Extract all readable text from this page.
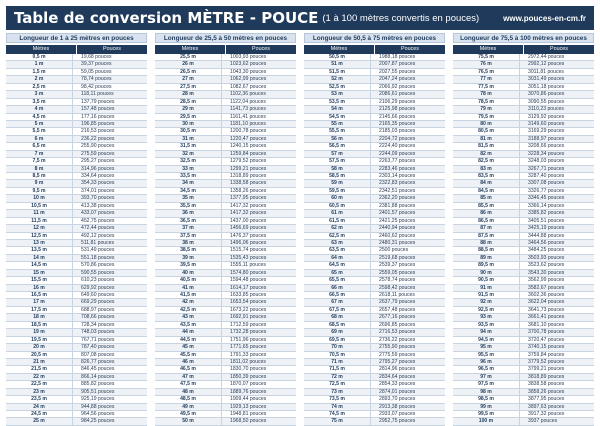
Table de conversion MÈTRE - POUCE (1 à 100 mètres convertis en pouces)	www.pouces-en-cm.fr
Longueur de 1 à 25 mètres en pouces
Mètres	Pouces
0,5 m	19,68 pouces
1 m	39,37 pouces
1,5 m	59,05 pouces
2 m	78,74 pouces
2,5 m	98,42 pouces
3 m	118,11 pouces
3,5 m	137,79 pouces
4 m	157,48 pouces
4,5 m	177,16 pouces
5 m	196,85 pouces
5,5 m	216,53 pouces
6 m	236,22 pouces
6,5 m	255,90 pouces
7 m	275,59 pouces
7,5 m	295,27 pouces
8 m	314,96 pouces
8,5 m	334,64 pouces
9 m	354,33 pouces
9,5 m	374,01 pouces
10 m	393,70 pouces
10,5 m	413,38 pouces
11 m	433,07 pouces
11,5 m	452,75 pouces
12 m	472,44 pouces
12,5 m	492,12 pouces
13 m	511,81 pouces
13,5 m	531,49 pouces
14 m	551,18 pouces
14,5 m	570,86 pouces
15 m	590,55 pouces
15,5 m	610,23 pouces
16 m	629,92 pouces
16,5 m	649,60 pouces
17 m	669,29 pouces
17,5 m	688,97 pouces
18 m	708,66 pouces
18,5 m	728,34 pouces
19 m	748,03 pouces
19,5 m	767,71 pouces
20 m	787,40 pouces
20,5 m	807,08 pouces
21 m	826,77 pouces
21,5 m	846,45 pouces
22 m	866,14 pouces
22,5 m	885,82 pouces
23 m	905,51 pouces
23,5 m	925,19 pouces
24 m	944,88 pouces
24,5 m	964,56 pouces
25 m	984,25 pouces
Longueur de 25,5 à 50 mètres en pouces
Mètres	Pouces
25,5 m	1003,93 pouces
26 m	1023,62 pouces
26,5 m	1043,30 pouces
27 m	1062,99 pouces
27,5 m	1082,67 pouces
28 m	1102,36 pouces
28,5 m	1122,04 pouces
29 m	1141,73 pouces
29,5 m	1161,41 pouces
30 m	1181,10 pouces
30,5 m	1200,78 pouces
31 m	1220,47 pouces
31,5 m	1240,15 pouces
32 m	1259,84 pouces
32,5 m	1279,52 pouces
33 m	1299,21 pouces
33,5 m	1318,89 pouces
34 m	1338,58 pouces
34,5 m	1358,26 pouces
35 m	1377,95 pouces
35,5 m	1417,32 pouces
36 m	1417,32 pouces
36,5 m	1437,00 pouces
37 m	1456,69 pouces
37,5 m	1476,37 pouces
38 m	1496,06 pouces
38,5 m	1515,74 pouces
39 m	1535,43 pouces
39,5 m	1555,11 pouces
40 m	1574,80 pouces
40,5 m	1594,48 pouces
41 m	1614,17 pouces
41,5 m	1633,85 pouces
42 m	1653,54 pouces
42,5 m	1673,22 pouces
43 m	1692,91 pouces
43,5 m	1712,59 pouces
44 m	1732,28 pouces
44,5 m	1751,96 pouces
45 m	1771,65 pouces
45,5 m	1791,33 pouces
46 m	1811,02 pouces
46,5 m	1830,70 pouces
47 m	1850,39 pouces
47,5 m	1870,07 pouces
48 m	1889,76 pouces
48,5 m	1909,44 pouces
49 m	1929,13 pouces
49,5 m	1948,81 pouces
50 m	1968,50 pouces
Longueur de 50,5 à 75 mètres en pouces
Mètres	Pouces
50,5 m	1988,18 pouces
51 m	2007,87 pouces
51,5 m	2027,55 pouces
52 m	2047,24 pouces
52,5 m	2066,92 pouces
53 m	2086,61 pouces
53,5 m	2106,29 pouces
54 m	2125,98 pouces
54,5 m	2145,66 pouces
55 m	2165,35 pouces
55,5 m	2185,03 pouces
56 m	2204,72 pouces
56,5 m	2224,40 pouces
57 m	2244,09 pouces
57,5 m	2263,77 pouces
58 m	2283,46 pouces
58,5 m	2303,14 pouces
59 m	2322,83 pouces
59,5 m	2342,51 pouces
60 m	2362,20 pouces
60,5 m	2381,88 pouces
61 m	2401,57 pouces
61,5 m	2421,25 pouces
62 m	2440,94 pouces
62,5 m	2460,62 pouces
63 m	2480,31 pouces
63,5 m	2500 pouces
64 m	2519,68 pouces
64,5 m	2539,37 pouces
65 m	2559,05 pouces
65,5 m	2578,74 pouces
66 m	2598,42 pouces
66,5 m	2618,11 pouces
67 m	2637,79 pouces
67,5 m	2657,48 pouces
68 m	2677,16 pouces
68,5 m	2696,85 pouces
69 m	2716,53 pouces
69,5 m	2736,22 pouces
70 m	2755,90 pouces
70,5 m	2775,59 pouces
71 m	2795,27 pouces
71,5 m	2814,96 pouces
72 m	2834,64 pouces
72,5 m	2854,33 pouces
73 m	2874,01 pouces
73,5 m	2893,70 pouces
74 m	2913,38 pouces
74,5 m	2933,07 pouces
75 m	2952,75 pouces
Longueur de 75,5 à 100 mètres en pouces
Mètres	Pouces
75,5 m	2972,44 pouces
76 m	2992,12 pouces
76,5 m	3011,81 pouces
77 m	3031,49 pouces
77,5 m	3051,18 pouces
78 m	3070,86 pouces
78,5 m	3090,55 pouces
79 m	3110,23 pouces
79,5 m	3129,92 pouces
80 m	3149,60 pouces
80,5 m	3169,29 pouces
81 m	3188,97 pouces
81,5 m	3208,66 pouces
82 m	3228,34 pouces
82,5 m	3248,03 pouces
83 m	3267,71 pouces
83,5 m	3287,40 pouces
84 m	3307,08 pouces
84,5 m	3326,77 pouces
85 m	3346,45 pouces
85,5 m	3366,14 pouces
86 m	3385,82 pouces
86,5 m	3405,51 pouces
87 m	3425,19 pouces
87,5 m	3444,88 pouces
88 m	3464,56 pouces
88,5 m	3484,25 pouces
89 m	3503,93 pouces
89,5 m	3523,62 pouces
90 m	3543,30 pouces
90,5 m	3562,99 pouces
91 m	3582,67 pouces
91,5 m	3602,36 pouces
92 m	3622,04 pouces
92,5 m	3641,73 pouces
93 m	3661,41 pouces
93,5 m	3681,10 pouces
94 m	3700,78 pouces
94,5 m	3720,47 pouces
95 m	3740,15 pouces
95,5 m	3759,84 pouces
96 m	3779,52 pouces
96,5 m	3799,21 pouces
97 m	3818,89 pouces
97,5 m	3838,58 pouces
98 m	3858,26 pouces
98,5 m	3877,95 pouces
99 m	3897,63 pouces
99,5 m	3917,32 pouces
100 m	3937 pouces
